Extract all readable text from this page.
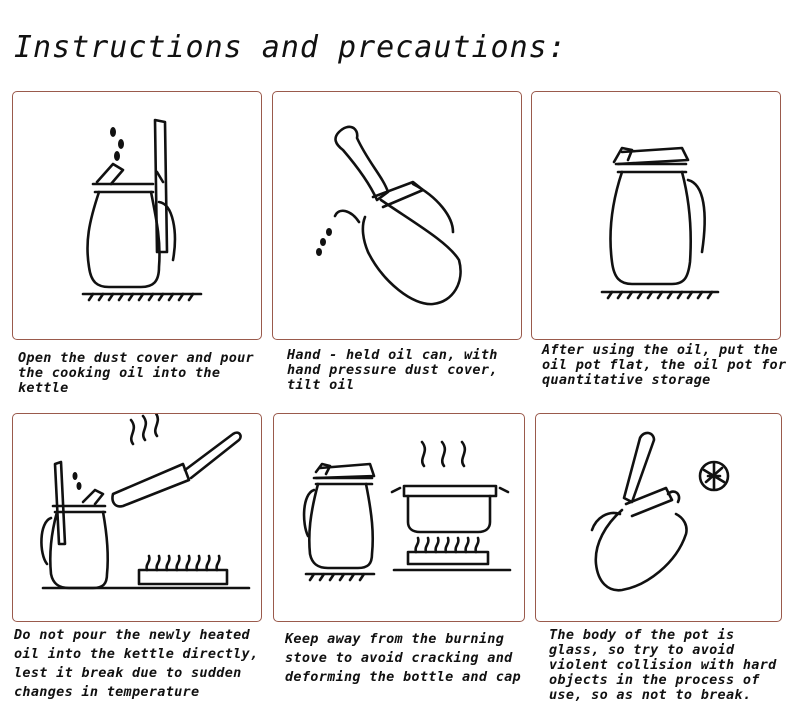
Instructions and precautions:
Open the dust cover and pour the cooking oil into the kettle
Hand - held oil can, with hand pressure dust cover, tilt oil
After using the oil, put the oil pot flat, the oil pot for quantitative storage
Do not pour the newly heated oil into the kettle directly, lest it break due to sudden changes in temperature
Keep away from the burning stove to avoid cracking and deforming the bottle and cap
The body of the pot is glass, so try to avoid violent collision with hard objects in the process of use, so as not to break.
